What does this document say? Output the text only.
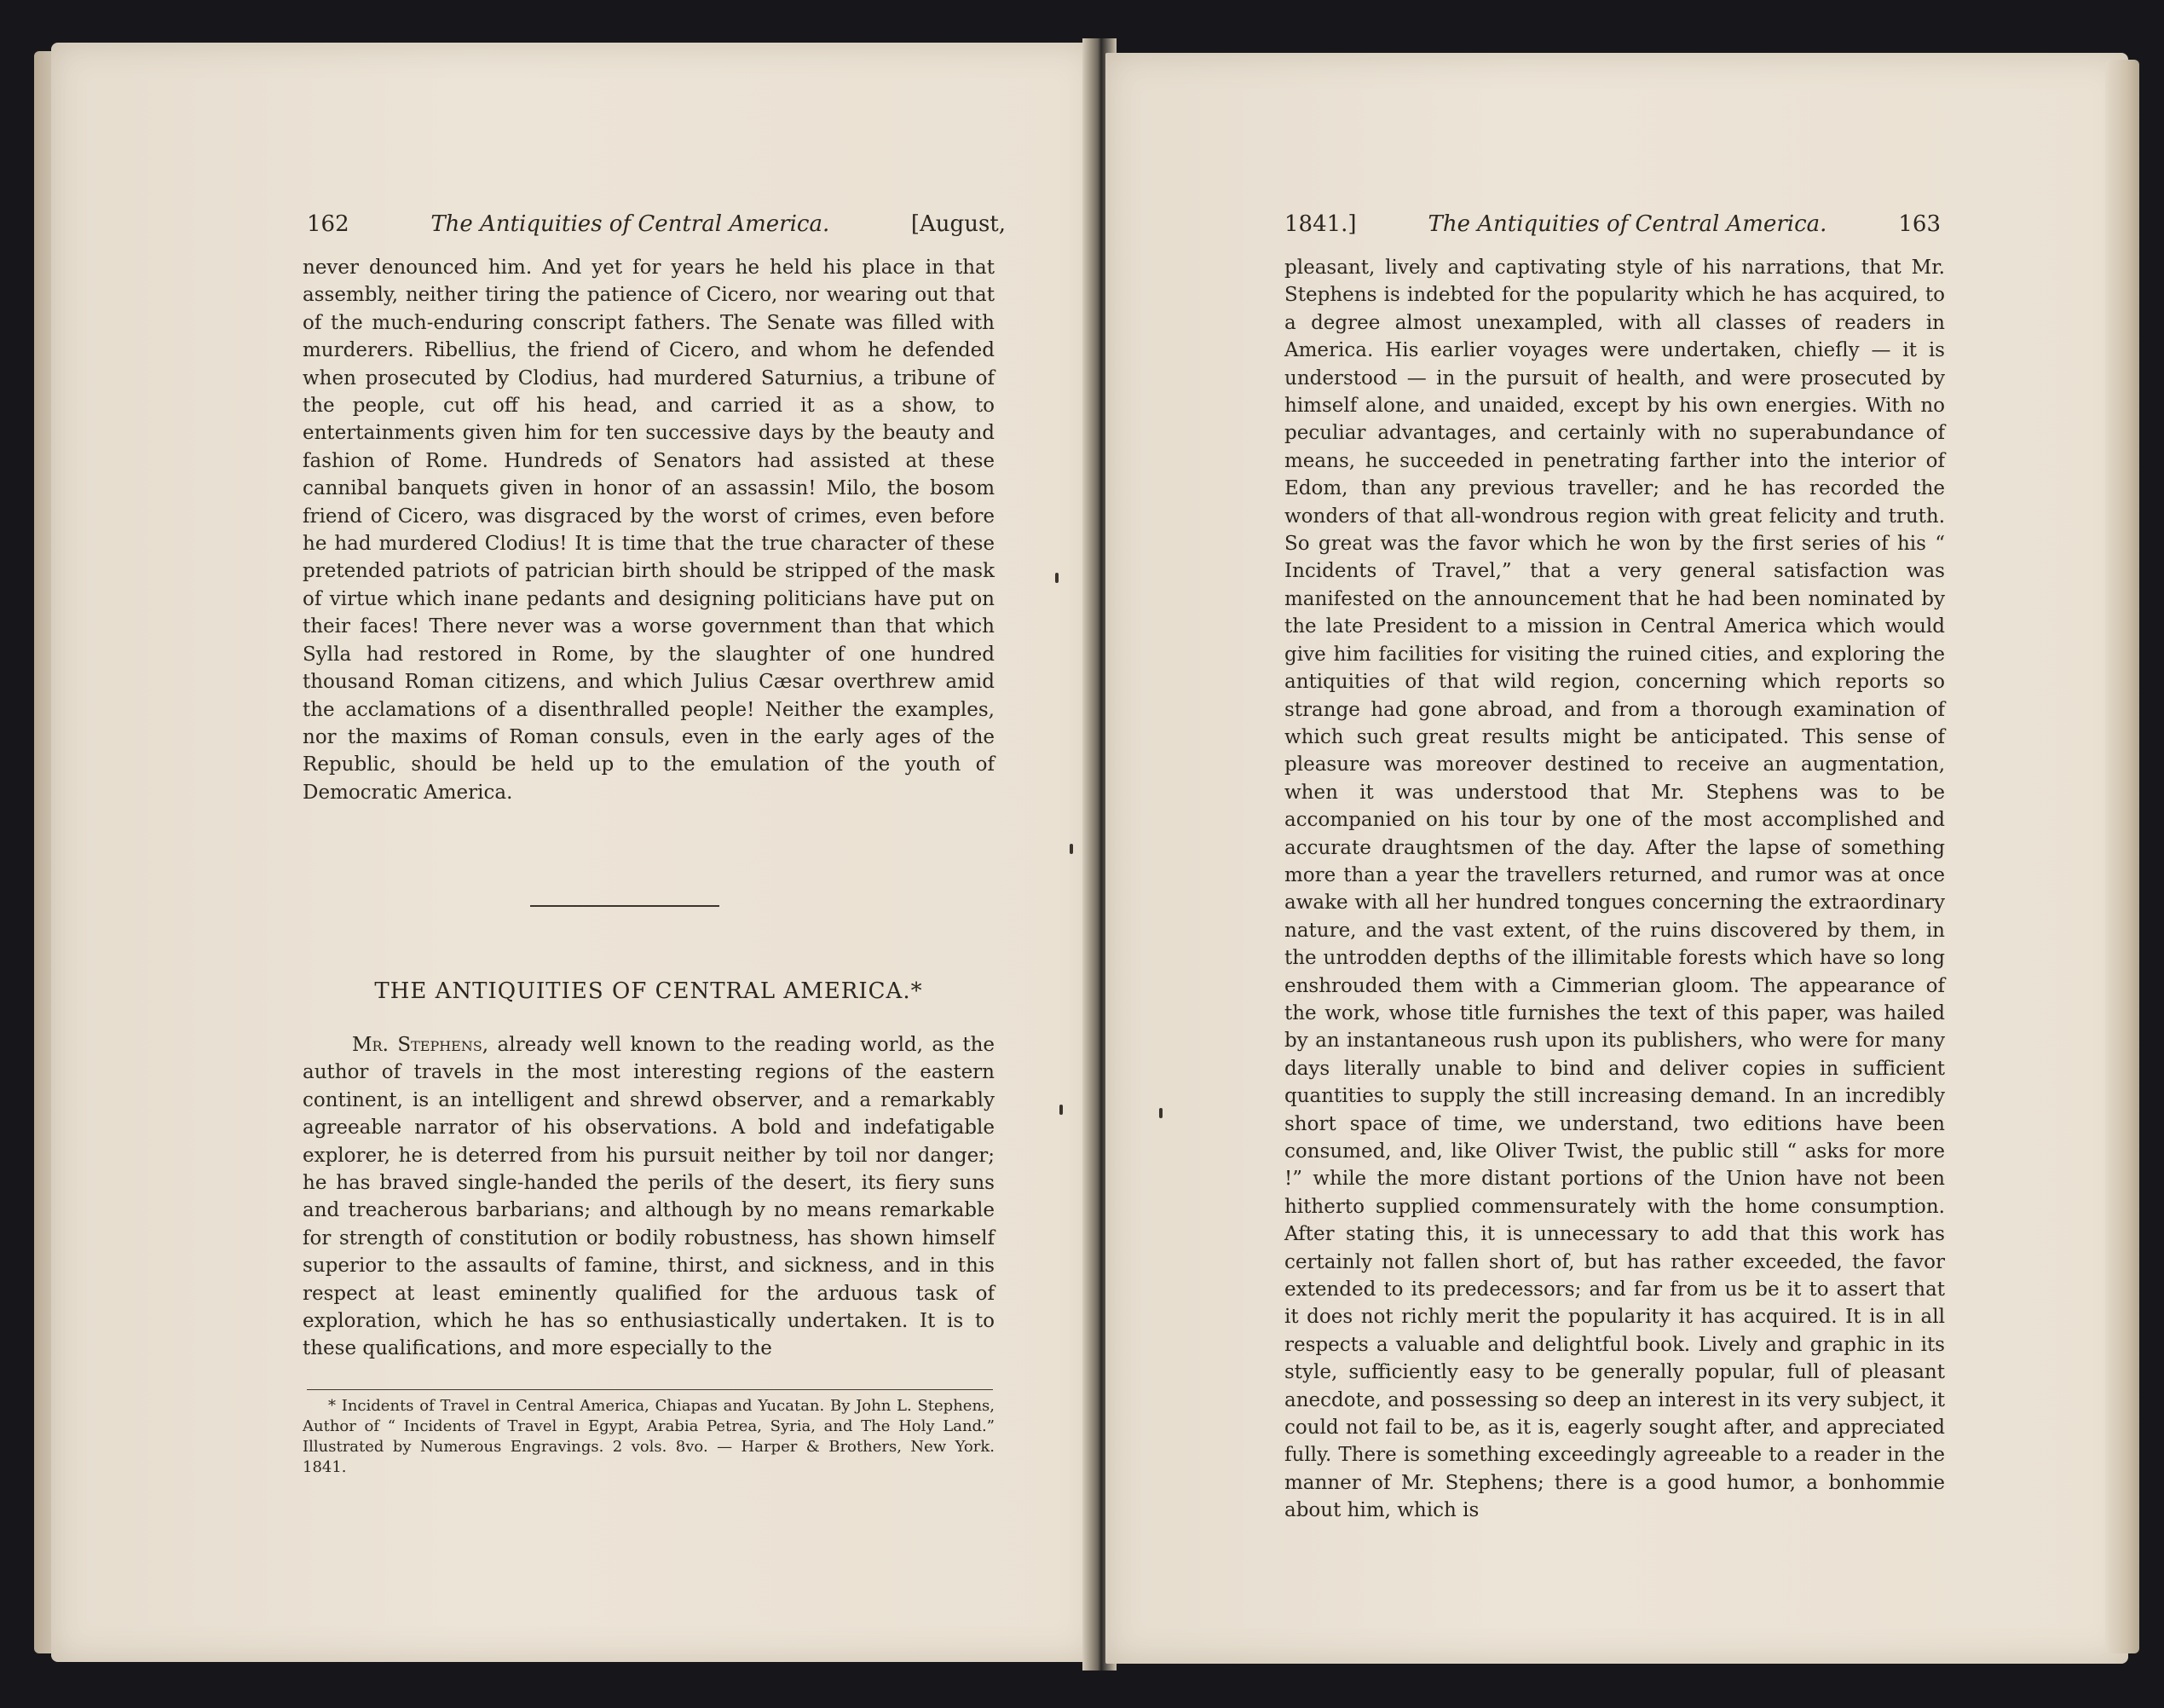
162	The Antiquities of Central America.	[August,

never denounced him. And yet for years he held his place in that assembly, neither tiring the patience of Cicero, nor wearing out that of the much-enduring conscript fathers. The Senate was filled with murderers. Ribellius, the friend of Cicero, and whom he defended when prosecuted by Clodius, had murdered Saturnius, a tribune of the people, cut off his head, and carried it as a show, to entertainments given him for ten successive days by the beauty and fashion of Rome. Hundreds of Senators had assisted at these cannibal banquets given in honor of an assassin! Milo, the bosom friend of Cicero, was disgraced by the worst of crimes, even before he had murdered Clodius! It is time that the true character of these pretended patriots of patrician birth should be stripped of the mask of virtue which inane pedants and designing politicians have put on their faces! There never was a worse government than that which Sylla had restored in Rome, by the slaughter of one hundred thousand Roman citizens, and which Julius Cæsar overthrew amid the acclamations of a disenthralled people! Neither the examples, nor the maxims of Roman consuls, even in the early ages of the Republic, should be held up to the emulation of the youth of Democratic America.

THE ANTIQUITIES OF CENTRAL AMERICA.*

Mr. Stephens, already well known to the reading world, as the author of travels in the most interesting regions of the eastern continent, is an intelligent and shrewd observer, and a remarkably agreeable narrator of his observations. A bold and indefatigable explorer, he is deterred from his pursuit neither by toil nor danger; he has braved single-handed the perils of the desert, its fiery suns and treacherous barbarians; and although by no means remarkable for strength of constitution or bodily robustness, has shown himself superior to the assaults of famine, thirst, and sickness, and in this respect at least eminently qualified for the arduous task of exploration, which he has so enthusiastically undertaken. It is to these qualifications, and more especially to the

* Incidents of Travel in Central America, Chiapas and Yucatan. By John L. Stephens, Author of “ Incidents of Travel in Egypt, Arabia Petrea, Syria, and The Holy Land.” Illustrated by Numerous Engravings. 2 vols. 8vo. — Harper & Brothers, New York. 1841.
1841.]	The Antiquities of Central America.	163

pleasant, lively and captivating style of his narrations, that Mr. Stephens is indebted for the popularity which he has acquired, to a degree almost unexampled, with all classes of readers in America. His earlier voyages were undertaken, chiefly — it is understood — in the pursuit of health, and were prosecuted by himself alone, and unaided, except by his own energies. With no peculiar advantages, and certainly with no superabundance of means, he succeeded in penetrating farther into the interior of Edom, than any previous traveller; and he has recorded the wonders of that all-wondrous region with great felicity and truth. So great was the favor which he won by the first series of his “ Incidents of Travel,” that a very general satisfaction was manifested on the announcement that he had been nominated by the late President to a mission in Central America which would give him facilities for visiting the ruined cities, and exploring the antiquities of that wild region, concerning which reports so strange had gone abroad, and from a thorough examination of which such great results might be anticipated. This sense of pleasure was moreover destined to receive an augmentation, when it was understood that Mr. Stephens was to be accompanied on his tour by one of the most accomplished and accurate draughtsmen of the day. After the lapse of something more than a year the travellers returned, and rumor was at once awake with all her hundred tongues concerning the extraordinary nature, and the vast extent, of the ruins discovered by them, in the untrodden depths of the illimitable forests which have so long enshrouded them with a Cimmerian gloom. The appearance of the work, whose title furnishes the text of this paper, was hailed by an instantaneous rush upon its publishers, who were for many days literally unable to bind and deliver copies in sufficient quantities to supply the still increasing demand. In an incredibly short space of time, we understand, two editions have been consumed, and, like Oliver Twist, the public still “ asks for more !” while the more distant portions of the Union have not been hitherto supplied commensurately with the home consumption. After stating this, it is unnecessary to add that this work has certainly not fallen short of, but has rather exceeded, the favor extended to its predecessors; and far from us be it to assert that it does not richly merit the popularity it has acquired. It is in all respects a valuable and delightful book. Lively and graphic in its style, sufficiently easy to be generally popular, full of pleasant anecdote, and possessing so deep an interest in its very subject, it could not fail to be, as it is, eagerly sought after, and appreciated fully. There is something exceedingly agreeable to a reader in the manner of Mr. Stephens; there is a good humor, a bonhommie about him, which is
